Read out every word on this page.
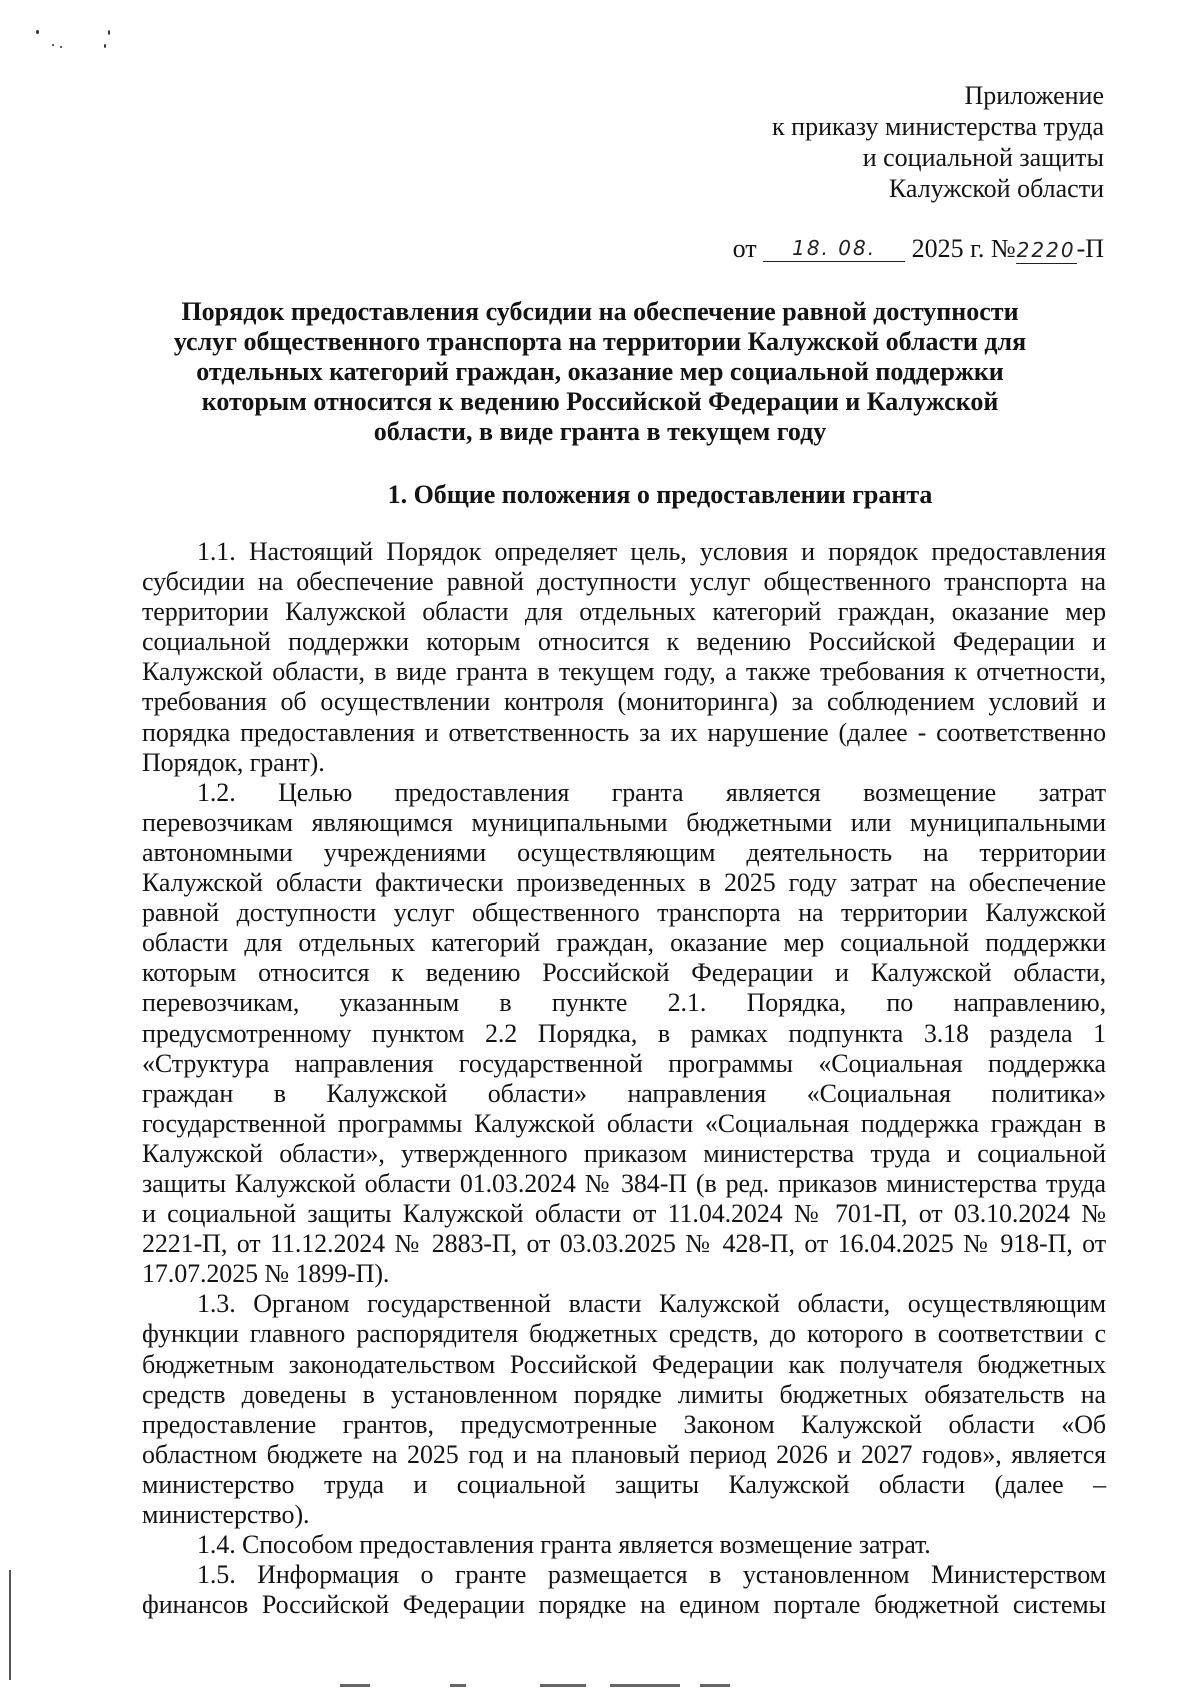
Приложение
к приказу министерства труда
и социальной защиты
Калужской области
от 18. 08. 2025 г. №2220-П
Порядок предоставления субсидии на обеспечение равной доступности
услуг общественного транспорта на территории Калужской области для
отдельных категорий граждан, оказание мер социальной поддержки
которым относится к ведению Российской Федерации и Калужской
области, в виде гранта в текущем году
1. Общие положения о предоставлении гранта
1.1. Настоящий Порядок определяет цель, условия и порядок предоставления
субсидии на обеспечение равной доступности услуг общественного транспорта на
территории Калужской области для отдельных категорий граждан, оказание мер
социальной поддержки которым относится к ведению Российской Федерации и
Калужской области, в виде гранта в текущем году, а также требования к отчетности,
требования об осуществлении контроля (мониторинга) за соблюдением условий и
порядка предоставления и ответственность за их нарушение (далее - соответственно
Порядок, грант).
1.2. Целью предоставления гранта является возмещение затрат
перевозчикам являющимся муниципальными бюджетными или муниципальными
автономными учреждениями осуществляющим деятельность на территории
Калужской области фактически произведенных в 2025 году затрат на обеспечение
равной доступности услуг общественного транспорта на территории Калужской
области для отдельных категорий граждан, оказание мер социальной поддержки
которым относится к ведению Российской Федерации и Калужской области,
перевозчикам, указанным в пункте 2.1. Порядка, по направлению,
предусмотренному пунктом 2.2 Порядка, в рамках подпункта 3.18 раздела 1
«Структура направления государственной программы «Социальная поддержка
граждан в Калужской области» направления «Социальная политика»
государственной программы Калужской области «Социальная поддержка граждан в
Калужской области», утвержденного приказом министерства труда и социальной
защиты Калужской области 01.03.2024 № 384-П (в ред. приказов министерства труда
и социальной защиты Калужской области от 11.04.2024 № 701-П, от 03.10.2024 №
2221-П, от 11.12.2024 № 2883-П, от 03.03.2025 № 428-П, от 16.04.2025 № 918-П, от
17.07.2025 № 1899-П).
1.3. Органом государственной власти Калужской области, осуществляющим
функции главного распорядителя бюджетных средств, до которого в соответствии с
бюджетным законодательством Российской Федерации как получателя бюджетных
средств доведены в установленном порядке лимиты бюджетных обязательств на
предоставление грантов, предусмотренные Законом Калужской области «Об
областном бюджете на 2025 год и на плановый период 2026 и 2027 годов», является
министерство труда и социальной защиты Калужской области (далее –
министерство).
1.4. Способом предоставления гранта является возмещение затрат.
1.5. Информация о гранте размещается в установленном Министерством
финансов Российской Федерации порядке на едином портале бюджетной системы
